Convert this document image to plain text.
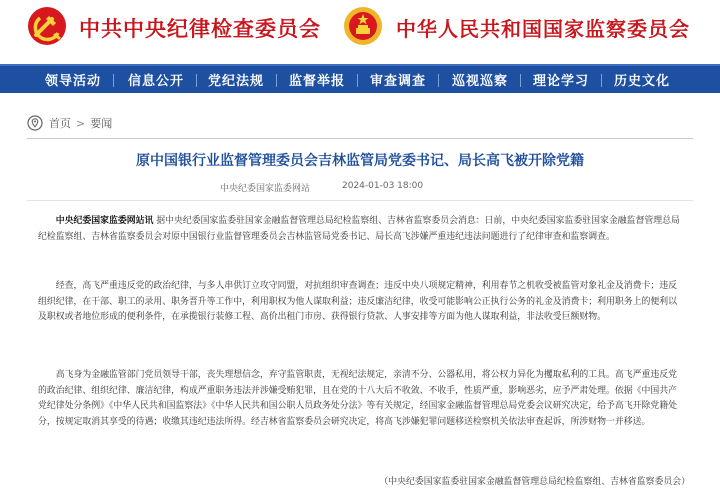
中共中央纪律检查委员会	中华人民共和国国家监察委员会
领导活动 信息公开 党纪法规 监督举报 审查调查 巡视巡察 理论学习 历史文化
首页 > 要闻
原中国银行业监督管理委员会吉林监管局党委书记、局长高飞被开除党籍
中央纪委国家监委网站	2024-01-03 18:00

中央纪委国家监委网站讯 据中央纪委国家监委驻国家金融监督管理总局纪检监察组、吉林省监察委员会消息：日前，中央纪委国家监委驻国家金融监督管理总局纪检监察组、吉林省监察委员会对原中国银行业监督管理委员会吉林监管局党委书记、局长高飞涉嫌严重违纪违法问题进行了纪律审查和监察调查。

经查，高飞严重违反党的政治纪律，与多人串供订立攻守同盟，对抗组织审查调查；违反中央八项规定精神，利用春节之机收受被监管对象礼金及消费卡；违反组织纪律，在干部、职工的录用、职务晋升等工作中，利用职权为他人谋取利益；违反廉洁纪律，收受可能影响公正执行公务的礼金及消费卡；利用职务上的便利以及职权或者地位形成的便利条件，在承揽银行装修工程、高价出租门市房、获得银行贷款、人事安排等方面为他人谋取利益，非法收受巨额财物。

高飞身为金融监管部门党员领导干部，丧失理想信念，弃守监管职责，无视纪法规定，亲清不分、公器私用，将公权力异化为攫取私利的工具。高飞严重违反党的政治纪律、组织纪律、廉洁纪律，构成严重职务违法并涉嫌受贿犯罪，且在党的十八大后不收敛、不收手，性质严重，影响恶劣，应予严肃处理。依据《中国共产党纪律处分条例》《中华人民共和国监察法》《中华人民共和国公职人员政务处分法》等有关规定，经国家金融监督管理总局党委会议研究决定，给予高飞开除党籍处分，按规定取消其享受的待遇；收缴其违纪违法所得。经吉林省监察委员会研究决定，将高飞涉嫌犯罪问题移送检察机关依法审查起诉，所涉财物一并移送。

（中央纪委国家监委驻国家金融监督管理总局纪检监察组、吉林省监察委员会）
